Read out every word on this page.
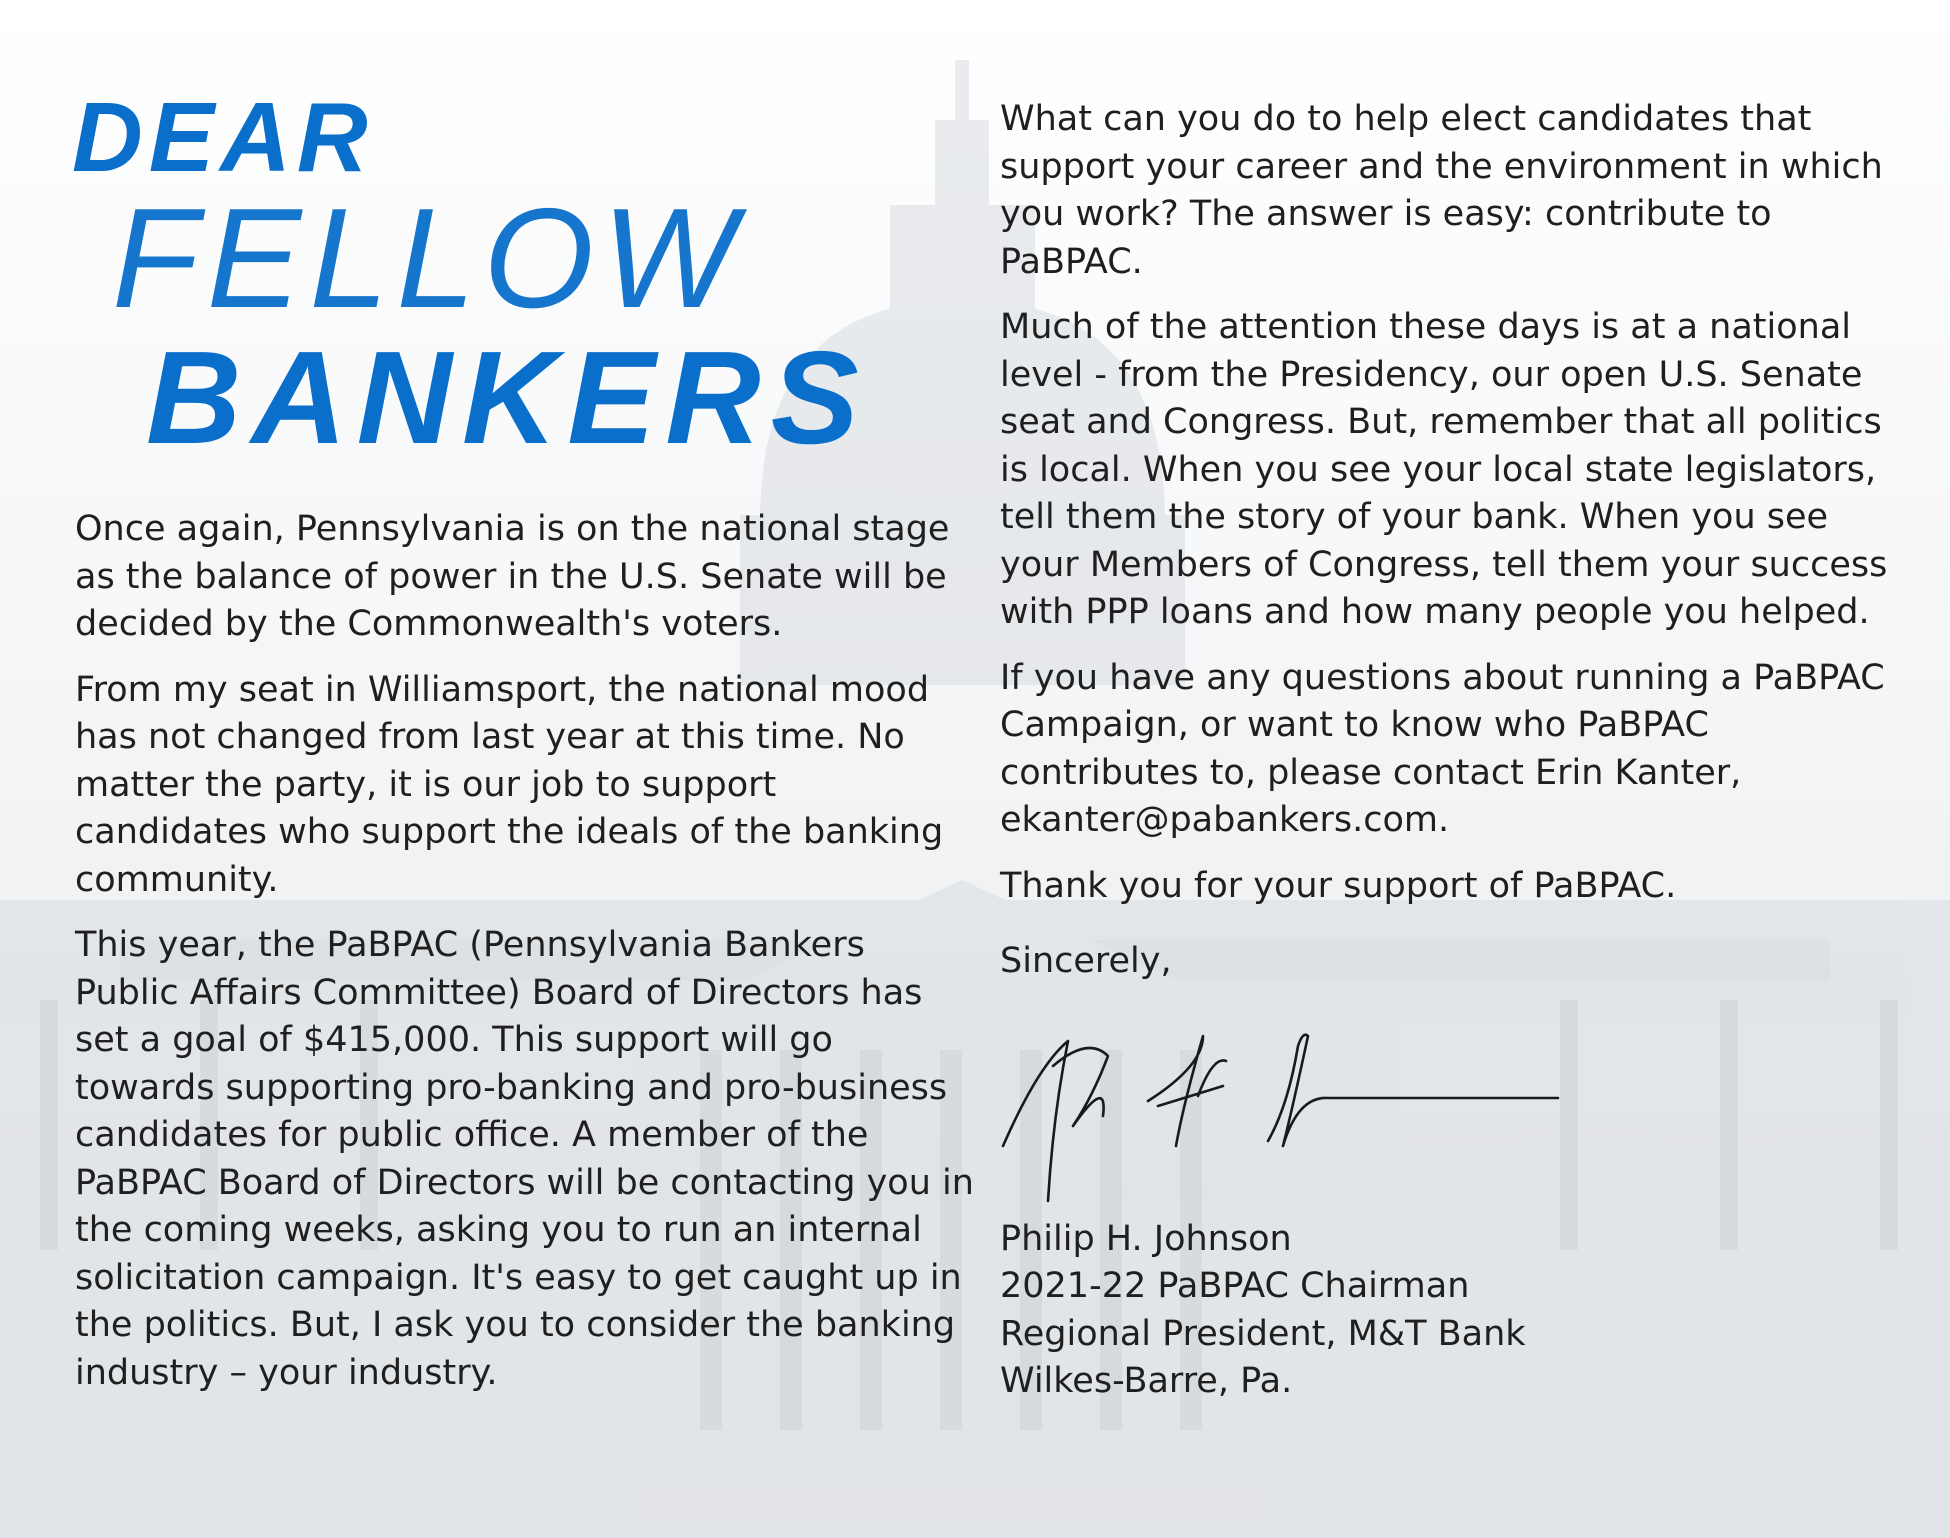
DEAR
FELLOW
BANKERS

Once again, Pennsylvania is on the national stage as the balance of power in the U.S. Senate will be decided by the Commonwealth's voters.

From my seat in Williamsport, the national mood has not changed from last year at this time. No matter the party, it is our job to support candidates who support the ideals of the banking community.

This year, the PaBPAC (Pennsylvania Bankers Public Affairs Committee) Board of Directors has set a goal of $415,000. This support will go towards supporting pro-banking and pro-business candidates for public office. A member of the PaBPAC Board of Directors will be contacting you in the coming weeks, asking you to run an internal solicitation campaign. It's easy to get caught up in the politics. But, I ask you to consider the banking industry – your industry.

What can you do to help elect candidates that support your career and the environment in which you work? The answer is easy: contribute to PaBPAC.

Much of the attention these days is at a national level - from the Presidency, our open U.S. Senate seat and Congress. But, remember that all politics is local. When you see your local state legislators, tell them the story of your bank. When you see your Members of Congress, tell them your success with PPP loans and how many people you helped.

If you have any questions about running a PaBPAC Campaign, or want to know who PaBPAC contributes to, please contact Erin Kanter, ekanter@pabankers.com.

Thank you for your support of PaBPAC.

Sincerely,

Philip H. Johnson

2021-22 PaBPAC Chairman

Regional President, M&T Bank

Wilkes-Barre, Pa.
